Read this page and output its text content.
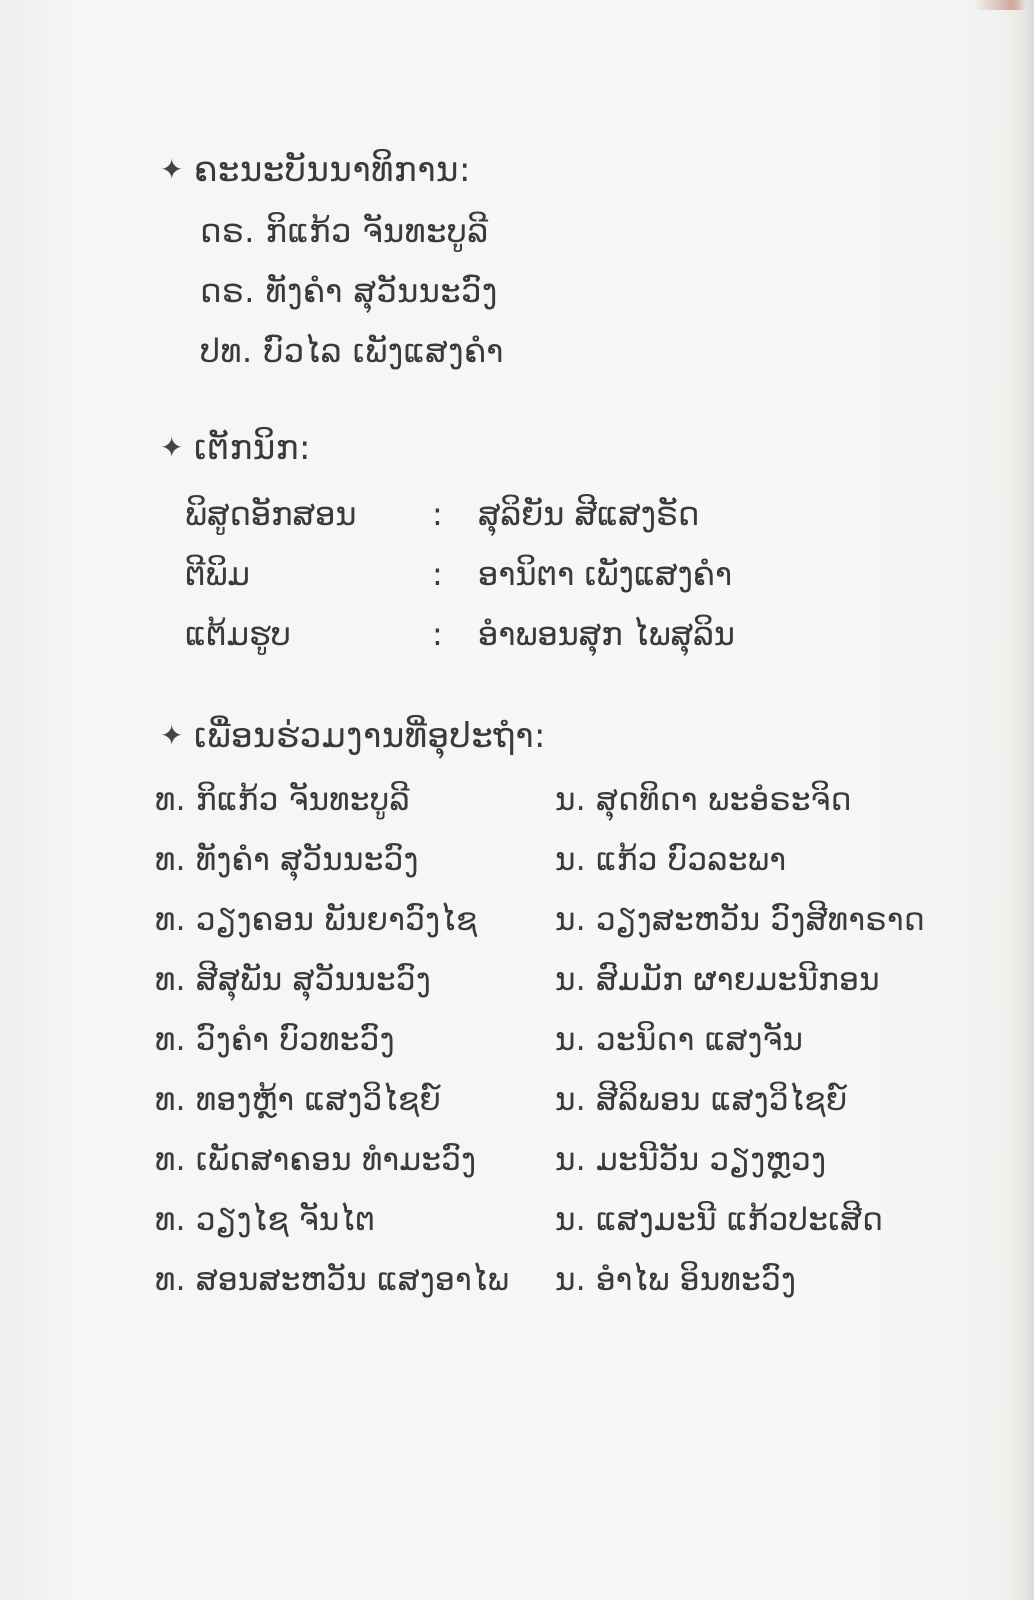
✦ ຄະນະບັນນາທິການ:
ດຣ. ກິແກ້ວ ຈັນທະບູລີ
ດຣ. ທັງຄຳ ສຸວັນນະວົງ
ປທ. ບົວໄລ ເພັງແສງຄຳ
✦ ເຕັກນິກ:
ພິສູດອັກສອນ : ສຸລິຍັນ ສີແສງຣັດ
ຕີພິມ	: ອານິຕາ ເພັງແສງຄຳ
ແຕ້ມຮູບ	: ອຳພອນສຸກ ໄພສຸລິນ
✦ ເພື່ອນຮ່ວມງານທີ່ອຸປະຖຳ:
ທ. ກິແກ້ວ ຈັນທະບູລີ	ນ. ສຸດທິດາ ພະອໍຣະຈິດ
ທ. ທັງຄຳ ສຸວັນນະວົງ	ນ. ແກ້ວ ບົວລະພາ
ທ. ວຽງຄອນ ພັນຍາວົງໄຊ	ນ. ວຽງສະຫວັນ ວົງສີທາຣາດ
ທ. ສີສຸພັນ ສຸວັນນະວົງ	ນ. ສົມມັກ ຜາຍມະນີກອນ
ທ. ວົງຄຳ ບົວທະວົງ	ນ. ວະນິດາ ແສງຈັນ
ທ. ທອງຫຼ້າ ແສງວິໄຊຍ໌	ນ. ສີລິພອນ ແສງວິໄຊຍ໌
ທ. ເພັດສາຄອນ ທຳມະວົງ	ນ. ມະນີວັນ ວຽງຫຼວງ
ທ. ວຽງໄຊ ຈັນໄຕ	ນ. ແສງມະນີ ແກ້ວປະເສີດ
ທ. ສອນສະຫວັນ ແສງອາໄພ ນ. ອຳໄພ ອິນທະວົງ
